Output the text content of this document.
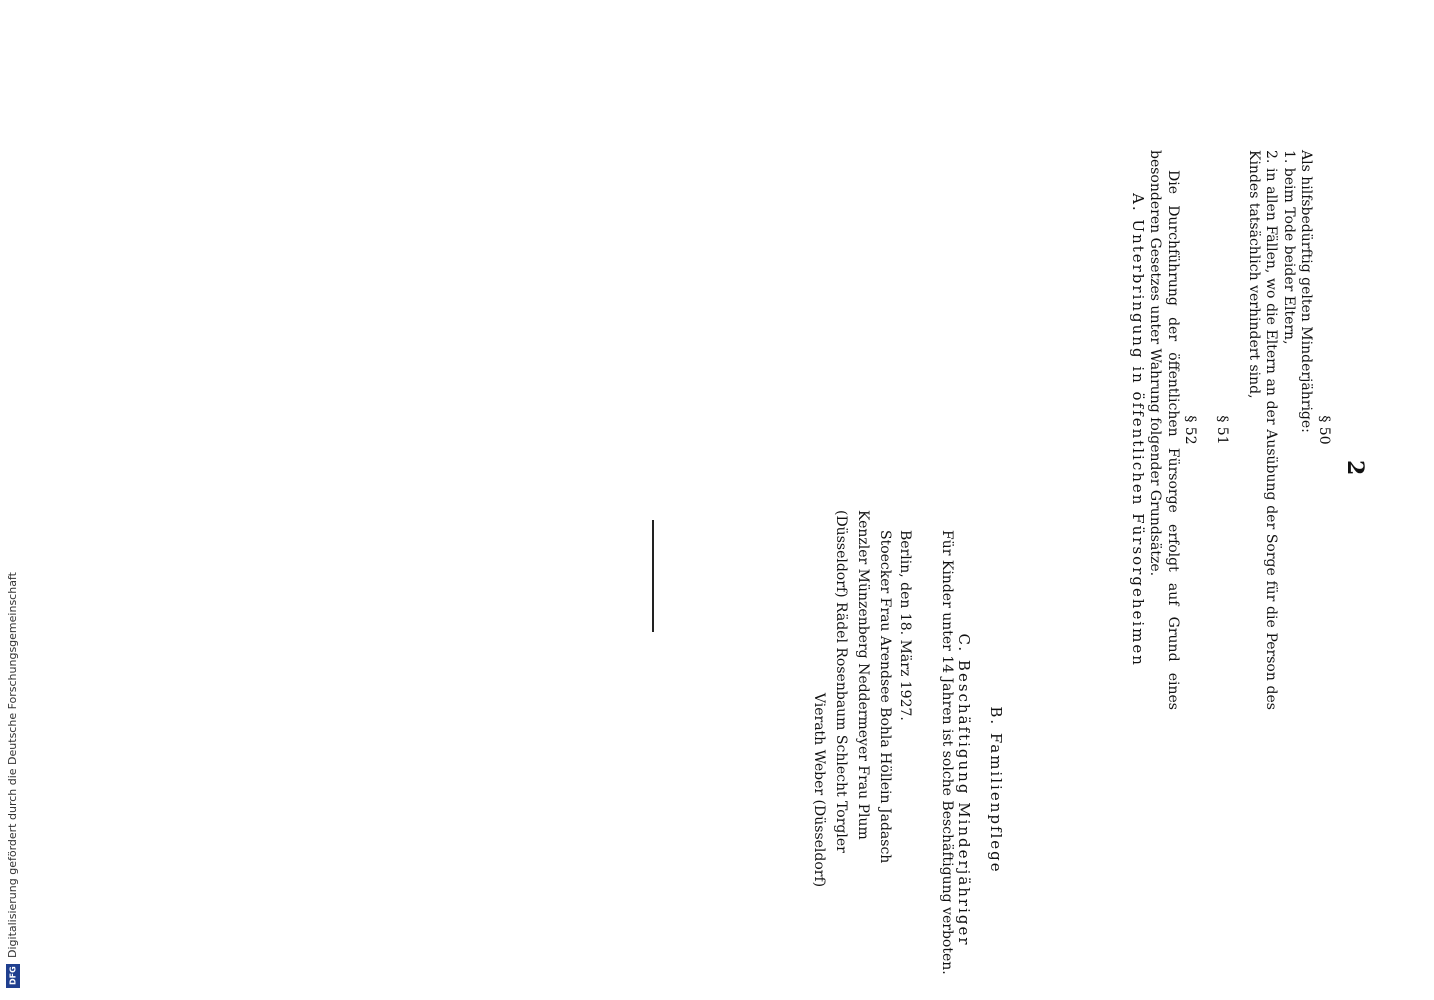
2

§ 50

Als hilfsbedürftig gelten Minderjährige:

1. beim Tode beider Eltern,

2. in allen Fällen, wo die Eltern an der Ausübung der Sorge für die Person des Kindes tatsächlich verhindert sind,

§ 51

§ 52

Die Durchführung der öffentlichen Fürsorge erfolgt auf Grund eines besonderen Gesetzes unter Wahrung folgender Grundsätze.

A. Unterbringung in öffentlichen Fürsorgeheimen

B. Familienpflege

C. Beschäftigung Minderjähriger

Für Kinder unter 14 Jahren ist solche Beschäftigung verboten.

Berlin, den 18. März 1927.

Stoecker Frau Arendsee Bohla Höllein Jadasch

Kenzler Münzenberg Neddermeyer Frau Plum

(Düsseldorf) Rädel Rosenbaum Schlecht Torgler

Vierath Weber (Düsseldorf)

Digitalisierung gefördert durch die Deutsche Forschungsgemeinschaft
DFG
